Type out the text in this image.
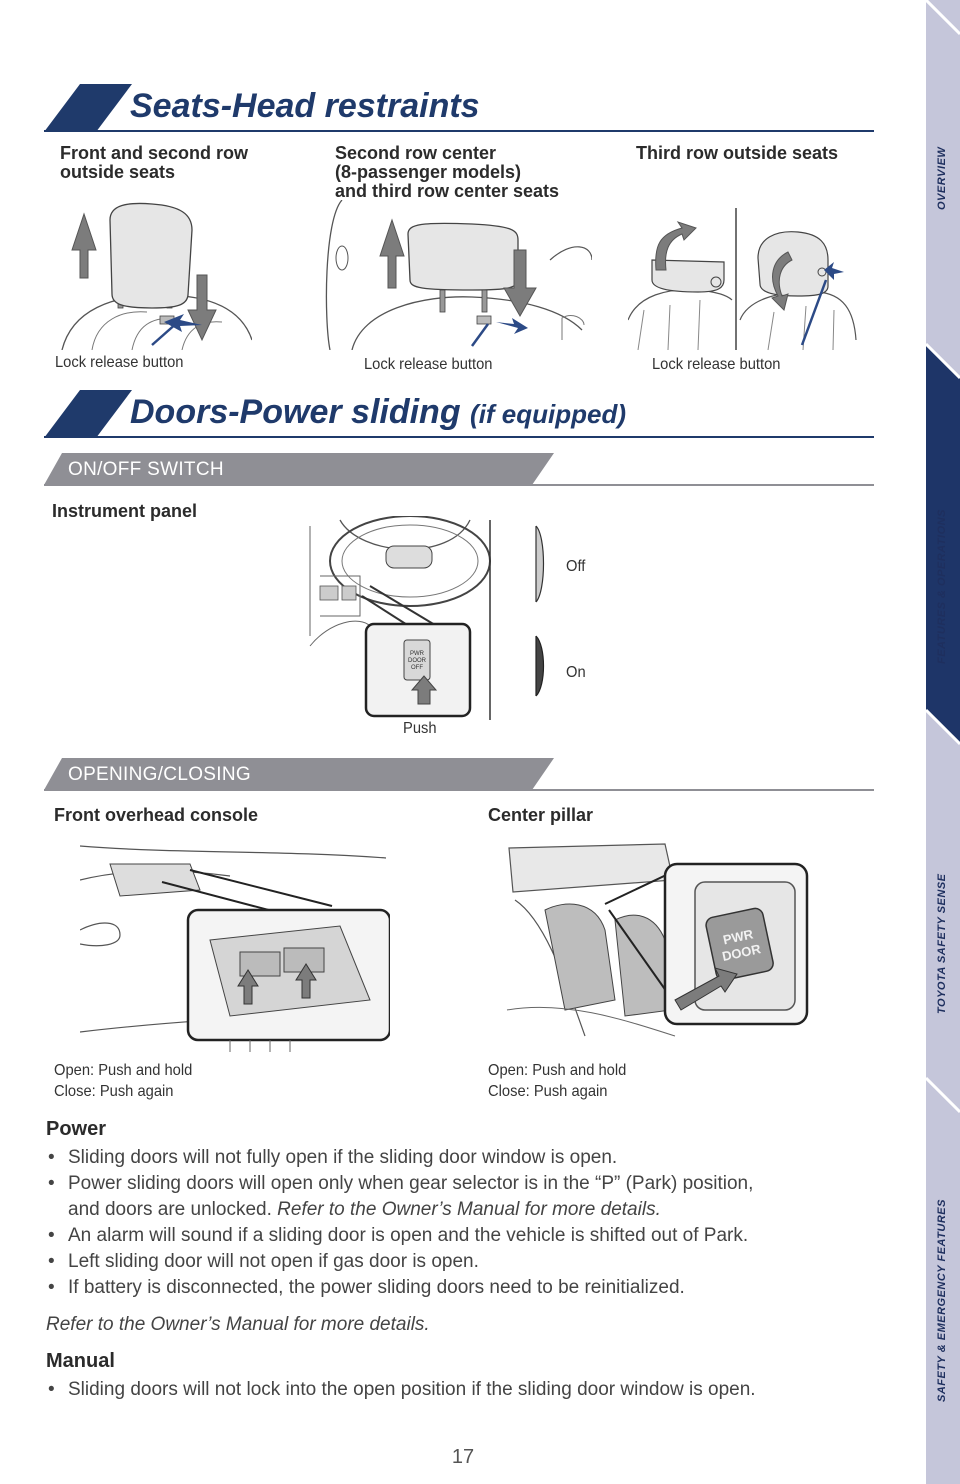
Seats-Head restraints
Front and second row
outside seats
Second row center
(8-passenger models)
and third row center seats
Third row outside seats
Lock release button	Lock release button	Lock release button
Doors-Power sliding (if equipped)
ON/OFF SWITCH
Instrument panel
PWR
DOOR
OFF
Push
Off
On
OPENING/CLOSING
Front overhead console	Center pillar
Open: Push and hold
Close: Push again
PWR
DOOR
Open: Push and hold
Close: Push again
Power
• Sliding doors will not fully open if the sliding door window is open.
• Power sliding doors will open only when gear selector is in the “P” (Park) position,
and doors are unlocked. Refer to the Owner’s Manual for more details.
• An alarm will sound if a sliding door is open and the vehicle is shifted out of Park.
• Left sliding door will not open if gas door is open.
• If battery is disconnected, the power sliding doors need to be reinitialized.
Refer to the Owner’s Manual for more details.
Manual
• Sliding doors will not lock into the open position if the sliding door window is open.
17
OVERVIEW
FEATURES & OPERATIONS
TOYOTA SAFETY SENSE
SAFETY & EMERGENCY FEATURES
